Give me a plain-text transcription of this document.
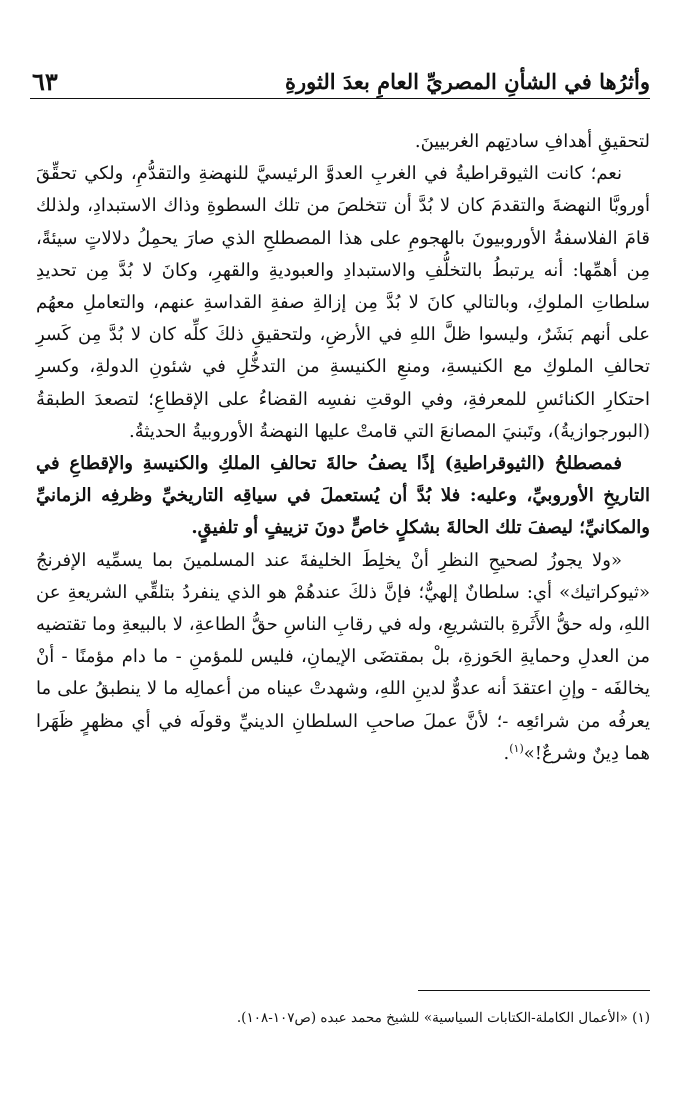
وأثرُها في الشأنِ المصريِّ العامِ بعدَ الثورةِ
٦٣

لتحقيقِ أهدافِ سادتِهم الغربيينَ.

نعم؛ كانت الثيوقراطيةُ في الغربِ العدوَّ الرئيسيَّ للنهضةِ والتقدُّمِ، ولكي تحقِّقَ أوروبَّا النهضةَ والتقدمَ كان لا بُدَّ أن تتخلصَ من تلك السطوةِ وذاك الاستبدادِ، ولذلك قامَ الفلاسفةُ الأوروبيونَ بالهجومِ على هذا المصطلحِ الذي صارَ يحمِلُ دلالاتٍ سيئةً، مِن أهمِّها: أنه يرتبطُ بالتخلُّفِ والاستبدادِ والعبوديةِ والقهرِ، وكانَ لا بُدَّ مِن تحديدِ سلطاتِ الملوكِ، وبالتالي كانَ لا بُدَّ مِن إزالةِ صفةِ القداسةِ عنهم، والتعاملِ معهُم على أنهم بَشَرٌ، وليسوا ظلَّ اللهِ في الأرضِ، ولتحقيقِ ذلكَ كلِّه كان لا بُدَّ مِن كَسرِ تحالفِ الملوكِ مع الكنيسةِ، ومنعِ الكنيسةِ من التدخُّلِ في شئونِ الدولةِ، وكسرِ احتكارِ الكنائسِ للمعرفةِ، وفي الوقتِ نفسِه القضاءُ على الإقطاعِ؛ لتصعدَ الطبقةُ (البورجوازيةُ)، وتَبنيَ المصانعَ التي قامتْ عليها النهضةُ الأوروبيةُ الحديثةُ.

فمصطلحُ (الثيوقراطيةِ) إذًا يصفُ حالةَ تحالفِ الملكِ والكنيسةِ والإقطاعِ في التاريخِ الأوروبيِّ، وعليه: فلا بُدَّ أن يُستعملَ في سياقِه التاريخيِّ وظرفِه الزمانيِّ والمكانيِّ؛ ليصفَ تلك الحالةَ بشكلٍ خاصٍّ دونَ تزييفٍ أو تلفيقٍ.

«ولا يجوزُ لصحيحِ النظرِ أنْ يخلِطَ الخليفةَ عند المسلمينَ بما يسمِّيه الإفرنجُ «ثيوكراتيك» أي: سلطانٌ إلهيٌّ؛ فإنَّ ذلكَ عندهُمْ هو الذي ينفردُ بتلقِّي الشريعةِ عن اللهِ، وله حقُّ الأَثَرةِ بالتشريعِ، وله في رقابِ الناسِ حقُّ الطاعةِ، لا بالبيعةِ وما تقتضيه من العدلِ وحمايةِ الحَوزةِ، بلْ بمقتضَى الإيمانِ، فليس للمؤمنِ - ما دام مؤمنًا - أنْ يخالفَه - وإنِ اعتقدَ أنه عدوٌّ لدينِ اللهِ، وشهدتْ عيناه من أعمالِه ما لا ينطبقُ على ما يعرفُه من شرائعِه -؛ لأنَّ عملَ صاحبِ السلطانِ الدينيِّ وقولَه في أي مظهرٍ ظَهَرا هما دِينٌ وشرعٌ!»$^{(١)}$.

(١) «الأعمال الكاملة-الكتابات السياسية» للشيخ محمد عبده (ص١٠٧-١٠٨).
